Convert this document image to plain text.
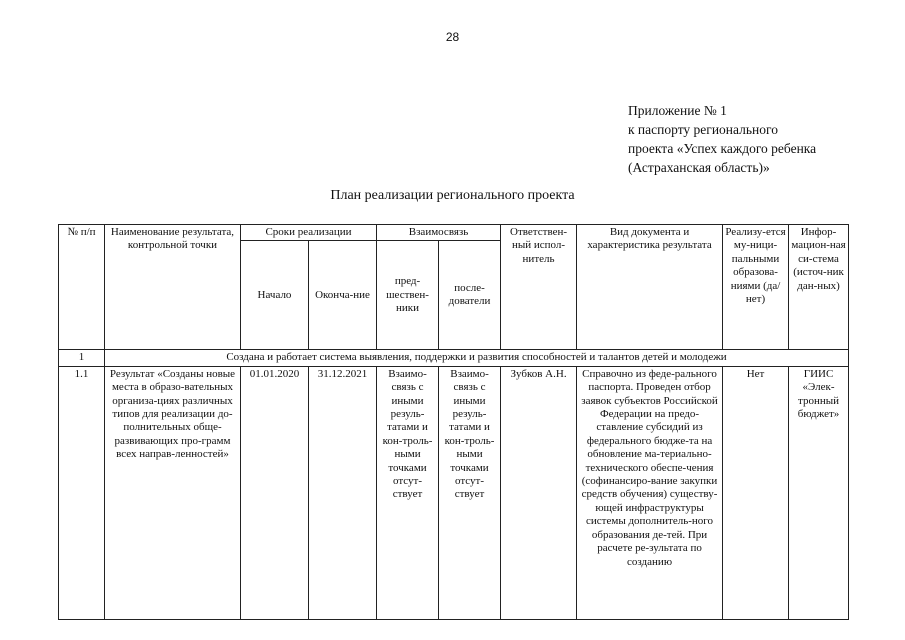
28
Приложение № 1
к паспорту регионального
проекта «Успех каждого ребенка
(Астраханская область)»
План реализации регионального проекта
№ п/п	Наименование результата, контрольной точки	Сроки реализации		Взаимосвязь		Ответствен-ный испол-нитель	Вид документа и характеристика результата	Реализу-ется му-ници-пальными образова-ниями (да/нет)	Инфор-мацион-ная си-стема (источ-ник дан-ных)
		Начало	Оконча-ние	пред-шествен-ники	после-дователи				
1	Создана и работает система выявления, поддержки и развития способностей и талантов детей и молодежи								
1.1	Результат «Созданы новые места в образо-вательных организа-циях различных типов для реализации до-полнительных обще-развивающих про-грамм всех направ-ленностей»	01.01.2020	31.12.2021	Взаимо-связь с иными резуль-татами и кон-троль-ными точками отсут-ствует	Взаимо-связь с иными резуль-татами и кон-троль-ными точками отсут-ствует	Зубков А.Н.	Справочно из феде-рального паспорта. Проведен отбор заявок субъектов Российской Федерации на предо-ставление субсидий из федерального бюдже-та на обновление ма-териально-технического обеспе-чения (софинансиро-вание закупки средств обучения) существу-ющей инфраструктуры системы дополнитель-ного образования де-тей. При расчете ре-зультата по созданию	Нет	ГИИС «Элек-тронный бюджет»
